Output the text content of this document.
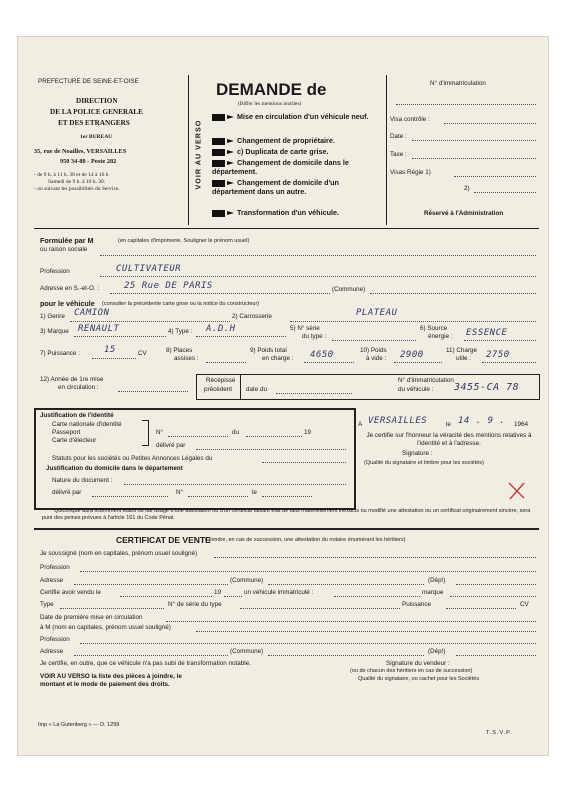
PREFECTURE DE SEINE-ET-OISE
DIRECTION
DE LA POLICE GENERALE
ET DES ETRANGERS
1er BUREAU
35, rue de Noailles, VERSAILLES
950 34-80 - Poste 282
- de 9 h. à 11 h. 30 et de 14 à 16 h
Samedi de 9 h. à 10 h. 30.
- ou suivant les possibilités du Service.	VOIR AU VERSO
DEMANDE de
(Biffer les mentions inutiles)
Mise en circulation d'un véhicule neuf.
Changement de propriétaire.
c) Duplicata de carte grise.
Changement de domicile dans le département.
Changement de domicile d'un département dans un autre.
Transformation d'un véhicule.
N° d'immatriculation
Visa contrôle :
Date :
Taxe :
Visas Régie 1)
2)
Réservé à l'Administration
Formulée par M	(en capitales d'imprimerie. Souligner le prénom usuel)
ou raison sociale
Profession	CULTIVATEUR
Adresse en S.-et-O. :	25 Rue DE PARIS	(Commune)
pour le véhicule (consulter la précédente carte grise ou la notice du constructeur)
1) Genre CAMION	2) Carrosserie	PLATEAU
3) Marque RENAULT	4) Type : A.D.H	5) N° série
du type :
6) Source
énergie : ESSENCE
7) Puissance :	15	CV	8) Places
assises :
9) Poids total
en charge : 4650	10) Poids
à vide : 2900	11) Charge
utile : 2750
12) Année de 1re mise
en circulation :
Récépissé
précédent date du
N° d'immatriculation
du véhicule : 3455-CA 78
Justification de l'identité
Carte nationale d'identité
Passeport
Carte d'électeur
N°	du	19
délivré par
Statuts pour les sociétés ou Petites Annonces Légales du
Justification du domicile dans le département
Nature du document :
délivré par	N°	le
A VERSAILLES	le 14 . 9 . 1964
Je certifie sur l'honneur la véracité des mentions relatives à l'identité et à l'adresse.
Signature :
(Qualité du signataire et timbre pour les sociétés)
Quiconque aura sciemment établi ou fait usage d'une attestation ou d'un certificat faisant état de faits matériellement inexacts ou modifié une attestation ou un certificat originairement sincère, sera puni des peines prévues à l'article 161 du Code Pénal.
CERTIFICAT DE VENTE
(Y joindre, en cas de succession, une attestation du notaire énumérant les héritiers)
Je soussigné (nom en capitales, prénom usuel souligné)
Profession
Adresse	(Commune)	(Dép!)
Certifie avoir vendu le	19	un véhicule immatriculé :	marque
Type	N° de série du type	Puissance	CV
Date de première mise en circulation
à M (nom en capitales, prénom usuel souligné)
Profession
Adresse	(Commune)	(Dép!)
Je certifie, en outre, que ce véhicule n'a pas subi de transformation notable.
VOIR AU VERSO la liste des pièces à joindre, le montant et le mode de paiement des droits.
Signature du vendeur :
(ou de chacun des héritiers en cas de succession)
Qualité du signataire, ou cachet pour les Sociétés
Imp « La Gutenberg » — D. 1299
T.S.V.P.
